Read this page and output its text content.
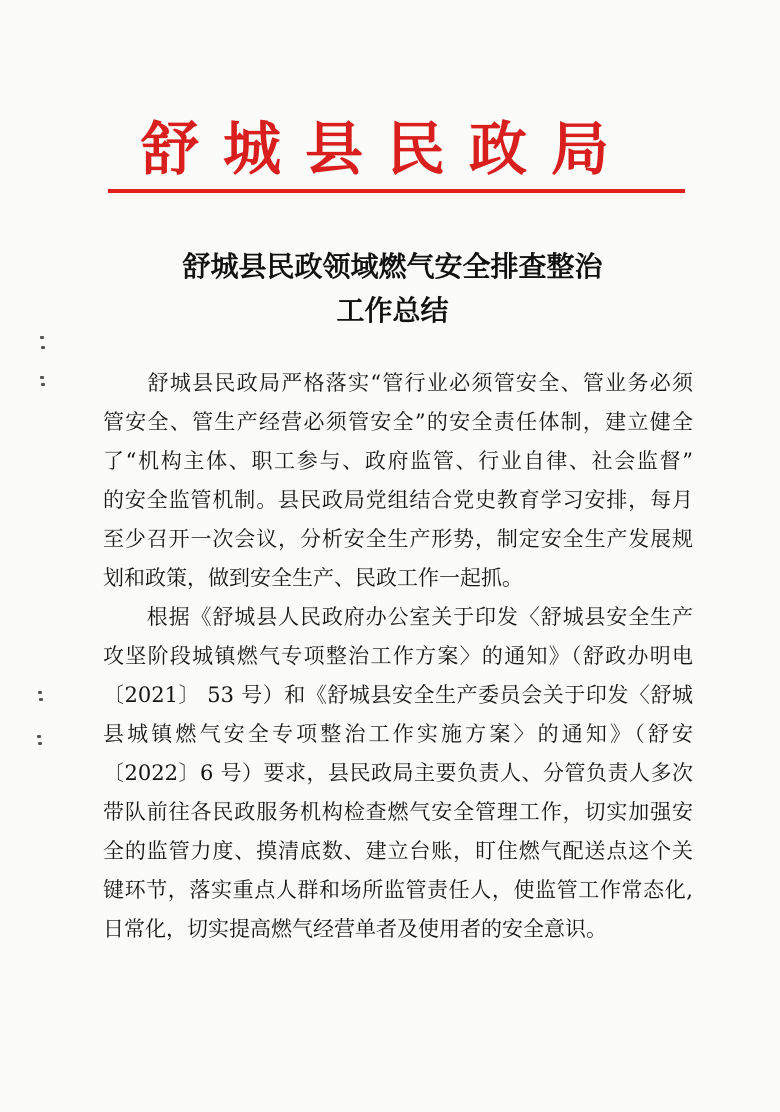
舒城县民政局
舒城县民政领域燃气安全排查整治
工作总结
　　舒城县民政局严格落实“管行业必须管安全、管业务必须
管安全、管生产经营必须管安全”的安全责任体制，建立健全
了“机构主体、职工参与、政府监管、行业自律、社会监督”
的安全监管机制。县民政局党组结合党史教育学习安排，每月
至少召开一次会议，分析安全生产形势，制定安全生产发展规
划和政策，做到安全生产、民政工作一起抓。
　　根据《舒城县人民政府办公室关于印发〈舒城县安全生产
攻坚阶段城镇燃气专项整治工作方案〉的通知》（舒政办明电
〔2021〕 53 号）和《舒城县安全生产委员会关于印发〈舒城
县城镇燃气安全专项整治工作实施方案〉的通知》（舒安
〔2022〕6 号）要求，县民政局主要负责人、分管负责人多次
带队前往各民政服务机构检查燃气安全管理工作，切实加强安
全的监管力度、摸清底数、建立台账，盯住燃气配送点这个关
键环节，落实重点人群和场所监管责任人，使监管工作常态化,
日常化，切实提高燃气经营单者及使用者的安全意识。
